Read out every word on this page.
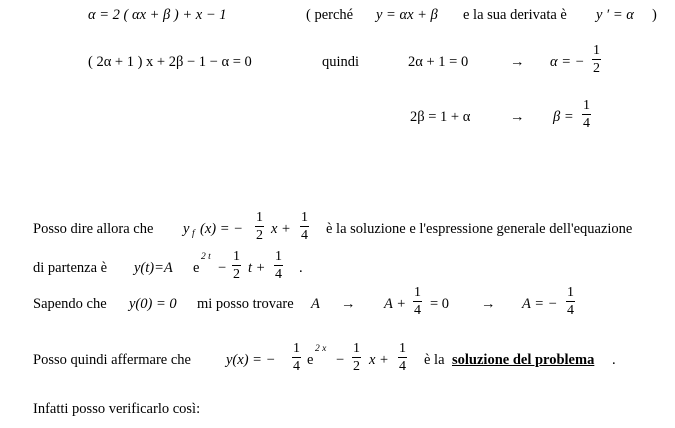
α = 2 ( αx + β ) + x − 1	( perché y = αx + β e la sua derivata è y ′ = α )
( 2α + 1 ) x + 2β − 1 − α = 0	quindi	2α + 1 = 0	→ α = − $\frac{1}{2}$
2β = 1 + α	→ $\beta = \frac{1}{4}$
Posso dire allora che y f (x) = − $\frac{1}{2}$ $x + \frac{1}{4}$ è la soluzione e l'espressione generale dell'equazione
di partenza è y(t)=A e
2 t
− $\frac{1}{2}$ $t + \frac{1}{4}$ .
Sapendo che y(0) = 0 mi posso trovare $A \to A + \frac{1}{4} = 0 \to A$ = − $\frac{1}{4}$
Posso quindi affermare che y(x) = − $\frac{1}{4}$ e
2 x
− $\frac{1}{2}$ $x + \frac{1}{4}$ è la soluzione del problema .
Infatti posso verificarlo così:
